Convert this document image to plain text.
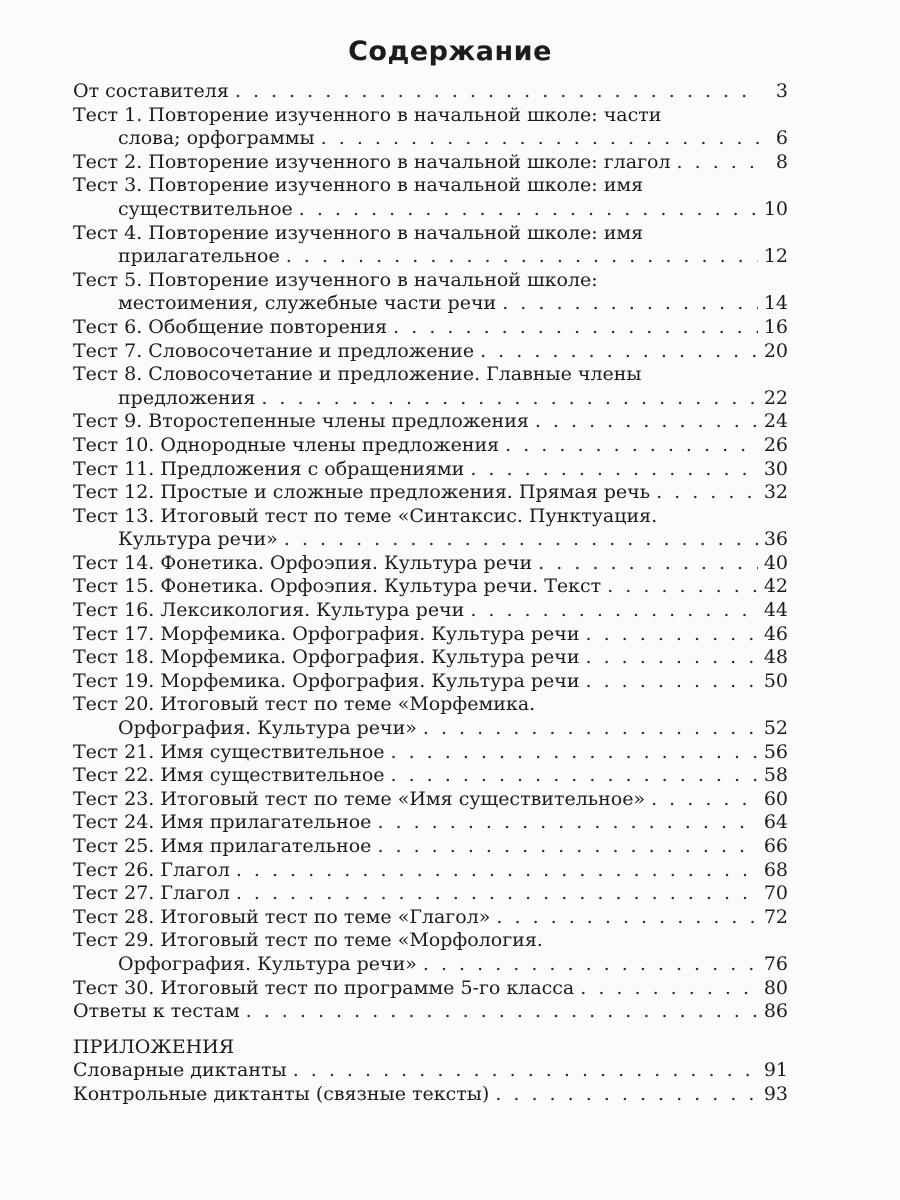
Содержание
От составителя . . .	3
Тест 1. Повторение изученного в начальной школе: части
слова; орфограммы . . .	6
Тест 2. Повторение изученного в начальной школе: глагол . . .	8
Тест 3. Повторение изученного в начальной школе: имя
существительное . . .	10
Тест 4. Повторение изученного в начальной школе: имя
прилагательное . . .	12
Тест 5. Повторение изученного в начальной школе:
местоимения, служебные части речи . . .	14
Тест 6. Обобщение повторения . . .	16
Тест 7. Словосочетание и предложение . . .	20
Тест 8. Словосочетание и предложение. Главные члены
предложения . . .	22
Тест 9. Второстепенные члены предложения . . .	24
Тест 10. Однородные члены предложения . . .	26
Тест 11. Предложения с обращениями . . .	30
Тест 12. Простые и сложные предложения. Прямая речь . . .	32
Тест 13. Итоговый тест по теме «Синтаксис. Пунктуация.
Культура речи» . . .	36
Тест 14. Фонетика. Орфоэпия. Культура речи . . .	40
Тест 15. Фонетика. Орфоэпия. Культура речи. Текст . . .	42
Тест 16. Лексикология. Культура речи . . .	44
Тест 17. Морфемика. Орфография. Культура речи . . .	46
Тест 18. Морфемика. Орфография. Культура речи . . .	48
Тест 19. Морфемика. Орфография. Культура речи . . .	50
Тест 20. Итоговый тест по теме «Морфемика.
Орфография. Культура речи» . . .	52
Тест 21. Имя существительное . . .	56
Тест 22. Имя существительное . . .	58
Тест 23. Итоговый тест по теме «Имя существительное» . . .	60
Тест 24. Имя прилагательное . . .	64
Тест 25. Имя прилагательное . . .	66
Тест 26. Глагол . . .	68
Тест 27. Глагол . . .	70
Тест 28. Итоговый тест по теме «Глагол» . . .	72
Тест 29. Итоговый тест по теме «Морфология.
Орфография. Культура речи» . . .	76
Тест 30. Итоговый тест по программе 5-го класса . . .	80
Ответы к тестам . . .	86
ПРИЛОЖЕНИЯ
Словарные диктанты . . .	91
Контрольные диктанты (связные тексты) . . .	93
